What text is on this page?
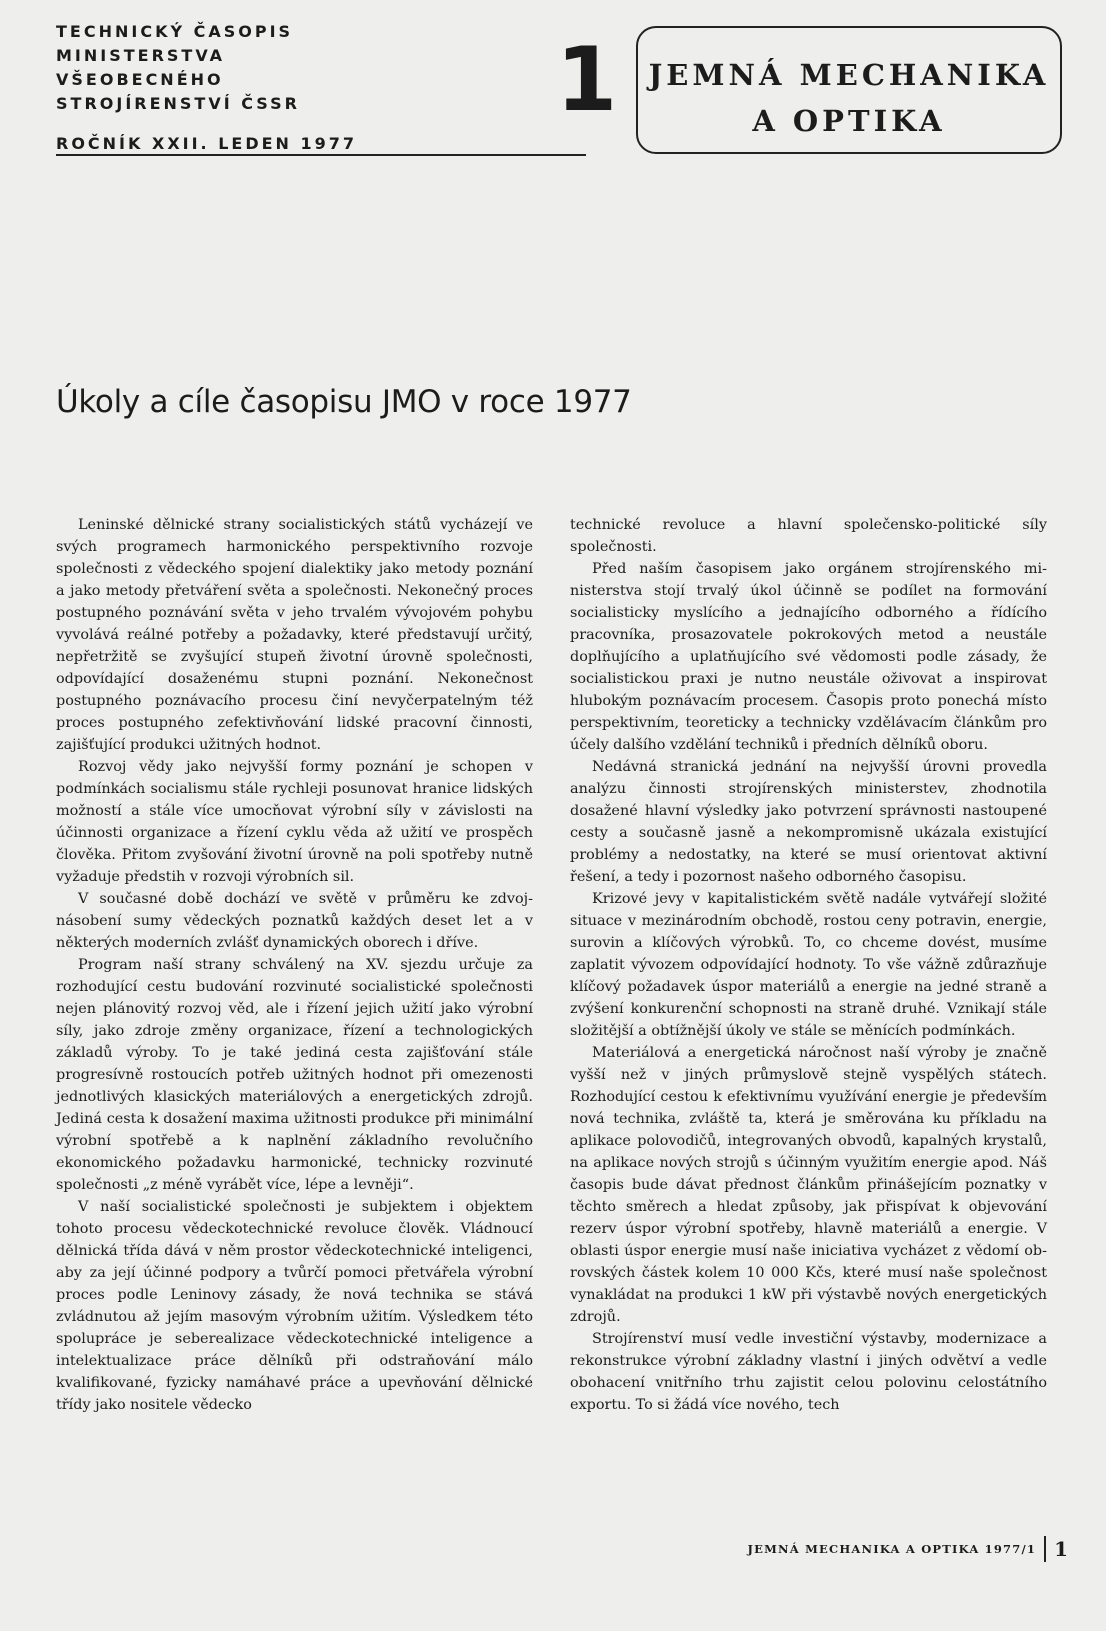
TECHNICKÝ ČASOPIS
MINISTERSTVA VŠEOBECNÉHO
STROJÍRENSTVÍ ČSSR
ROČNÍK XXII. LEDEN 1977
1	JEMNÁ MECHANIKA
A OPTIKA
Úkoly a cíle časopisu JMO v roce 1977

Leninské dělnické strany socialistických států vycházejí ve svých programech harmonického perspektivního rozvoje společnosti z vědeckého spojení dialektiky jako metody poznání a jako metody přetváření světa a společnosti. Nekonečný proces postupného poznávání světa v jeho trvalém vývojovém pohybu vyvolává reálné potřeby a požadavky, které představují určitý, nepřetržitě se zvyšující stupeň životní úrovně společnosti, odpovídající dosaženému stupni poznání. Nekonečnost postupného poznávacího procesu činí nevyčerpatelným též proces postupného zefektivňování lidské pracovní činnosti, zajišťující produkci užitných hodnot.

Rozvoj vědy jako nejvyšší formy poznání je schopen v podmínkách socialismu stále rychleji posunovat hranice lidských možností a stále více umocňovat výrobní síly v závislosti na účinnosti organizace a řízení cyklu věda až užití ve prospěch člověka. Přitom zvyšování životní úrovně na poli spotřeby nutně vyžaduje předstih v rozvoji výrobních sil.

V současné době dochází ve světě v průměru ke zdvojnásobení sumy vědeckých poznatků každých deset let a v některých moderních zvlášť dynamických oborech i dříve.

Program naší strany schválený na XV. sjezdu určuje za rozhodující cestu budování rozvinuté socialistické společnosti nejen plánovitý rozvoj věd, ale i řízení jejich užití jako výrobní síly, jako zdroje změny organizace, řízení a technologických základů výroby. To je také jediná cesta zajišťování stále progresívně rostoucích potřeb užitných hodnot při omezenosti jednotlivých klasických materiálových a energetických zdrojů. Jediná cesta k dosažení maxima užitnosti produkce při minimální výrobní spotřebě a k naplnění základního revolučního ekonomického požadavku harmonické, technicky rozvinuté společnosti „z méně vyrábět více, lépe a levněji“.

V naší socialistické společnosti je subjektem i objektem tohoto procesu vědeckotechnické revoluce člověk. Vládnoucí dělnická třída dává v něm prostor vědeckotechnické inteligenci, aby za její účinné podpory a tvůrčí pomoci přetvářela výrobní proces podle Leninovy zásady, že nová technika se stává zvládnutou až jejím masovým výrobním užitím. Výsledkem této spolupráce je seberealizace vědeckotechnické inteligence a intelektualizace práce dělníků při odstraňování málo kvalifikované, fyzicky namáhavé práce a upevňování dělnické třídy jako nositele vědecko

technické revoluce a hlavní společensko-politické síly společnosti.

Před naším časopisem jako orgánem strojírenského ministerstva stojí trvalý úkol účinně se podílet na formování socialisticky myslícího a jednajícího odborného a řídícího pracovníka, prosazovatele pokrokových metod a neustále doplňujícího a uplatňujícího své vědomosti podle zásady, že socialistickou praxi je nutno neustále oživovat a inspirovat hlubokým poznávacím procesem. Časopis proto ponechá místo perspektivním, teoreticky a technicky vzdělávacím článkům pro účely dalšího vzdělání techniků i předních dělníků oboru.

Nedávná stranická jednání na nejvyšší úrovni provedla analýzu činnosti strojírenských ministerstev, zhodnotila dosažené hlavní výsledky jako potvrzení správnosti nastoupené cesty a současně jasně a nekompromisně ukázala existující problémy a nedostatky, na které se musí orientovat aktivní řešení, a tedy i pozornost našeho odborného časopisu.

Krizové jevy v kapitalistickém světě nadále vytvářejí složité situace v mezinárodním obchodě, rostou ceny potravin, energie, surovin a klíčových výrobků. To, co chceme dovést, musíme zaplatit vývozem odpovídající hodnoty. To vše vážně zdůrazňuje klíčový požadavek úspor materiálů a energie na jedné straně a zvýšení konkurenční schopnosti na straně druhé. Vznikají stále složitější a obtížnější úkoly ve stále se měnících podmínkách.

Materiálová a energetická náročnost naší výroby je značně vyšší než v jiných průmyslově stejně vyspělých státech. Rozhodující cestou k efektivnímu využívání energie je především nová technika, zvláště ta, která je směrována ku příkladu na aplikace polovodičů, integrovaných obvodů, kapalných krystalů, na aplikace nových strojů s účinným využitím energie apod. Náš časopis bude dávat přednost článkům přinášejícím poznatky v těchto směrech a hledat způsoby, jak přispívat k objevování rezerv úspor výrobní spotřeby, hlavně materiálů a energie. V oblasti úspor energie musí naše iniciativa vycházet z vědomí obrovských částek kolem 10 000 Kčs, které musí naše společnost vynakládat na produkci 1 kW při výstavbě nových energetických zdrojů.

Strojírenství musí vedle investiční výstavby, modernizace a rekonstrukce výrobní základny vlastní i jiných odvětví a vedle obohacení vnitřního trhu zajistit celou polovinu celostátního exportu. To si žádá více nového, tech

JEMNÁ MECHANIKA A OPTIKA 1977/1 1
